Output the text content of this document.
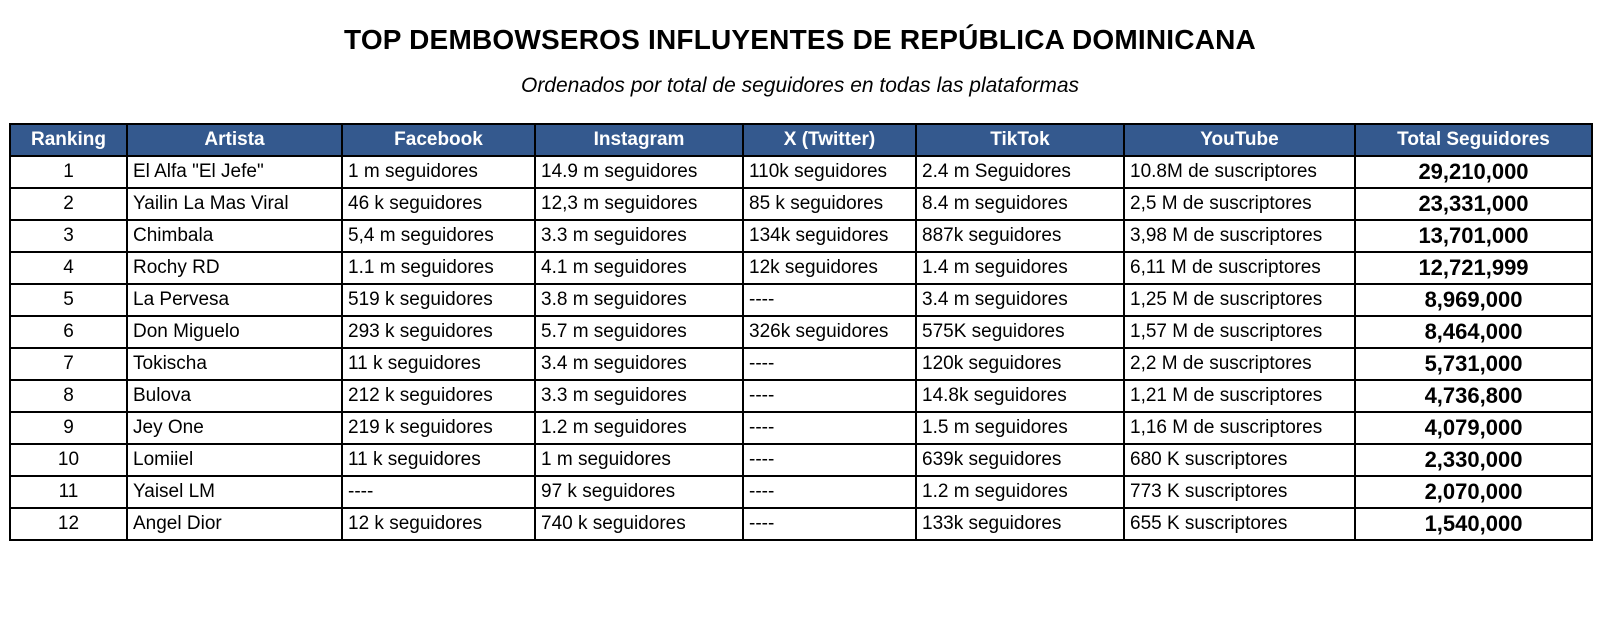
TOP DEMBOWSEROS INFLUYENTES DE REPÚBLICA DOMINICANA
Ordenados por total de seguidores en todas las plataformas
Ranking	Artista	Facebook	Instagram	X (Twitter)	TikTok	YouTube	Total Seguidores
1	El Alfa "El Jefe"	1 m seguidores	14.9 m seguidores	110k seguidores	2.4 m Seguidores	10.8M de suscriptores	29,210,000
2	Yailin La Mas Viral	46 k seguidores	12,3 m seguidores	85 k seguidores	8.4 m seguidores	2,5 M de suscriptores	23,331,000
3	Chimbala	5,4 m seguidores	3.3 m seguidores	134k seguidores	887k seguidores	3,98 M de suscriptores	13,701,000
4	Rochy RD	1.1 m seguidores	4.1 m seguidores	12k seguidores	1.4 m seguidores	6,11 M de suscriptores	12,721,999
5	La Pervesa	519 k seguidores	3.8 m seguidores	----	3.4 m seguidores	1,25 M de suscriptores	8,969,000
6	Don Miguelo	293 k seguidores	5.7 m seguidores	326k seguidores	575K seguidores	1,57 M de suscriptores	8,464,000
7	Tokischa	11 k seguidores	3.4 m seguidores	----	120k seguidores	2,2 M de suscriptores	5,731,000
8	Bulova	212 k seguidores	3.3 m seguidores	----	14.8k seguidores	1,21 M de suscriptores	4,736,800
9	Jey One	219 k seguidores	1.2 m seguidores	----	1.5 m seguidores	1,16 M de suscriptores	4,079,000
10	Lomiiel	11 k seguidores	1 m seguidores	----	639k seguidores	680 K suscriptores	2,330,000
11	Yaisel LM	----	97 k seguidores	----	1.2 m seguidores	773 K suscriptores	2,070,000
12	Angel Dior	12 k seguidores	740 k seguidores	----	133k seguidores	655 K suscriptores	1,540,000
